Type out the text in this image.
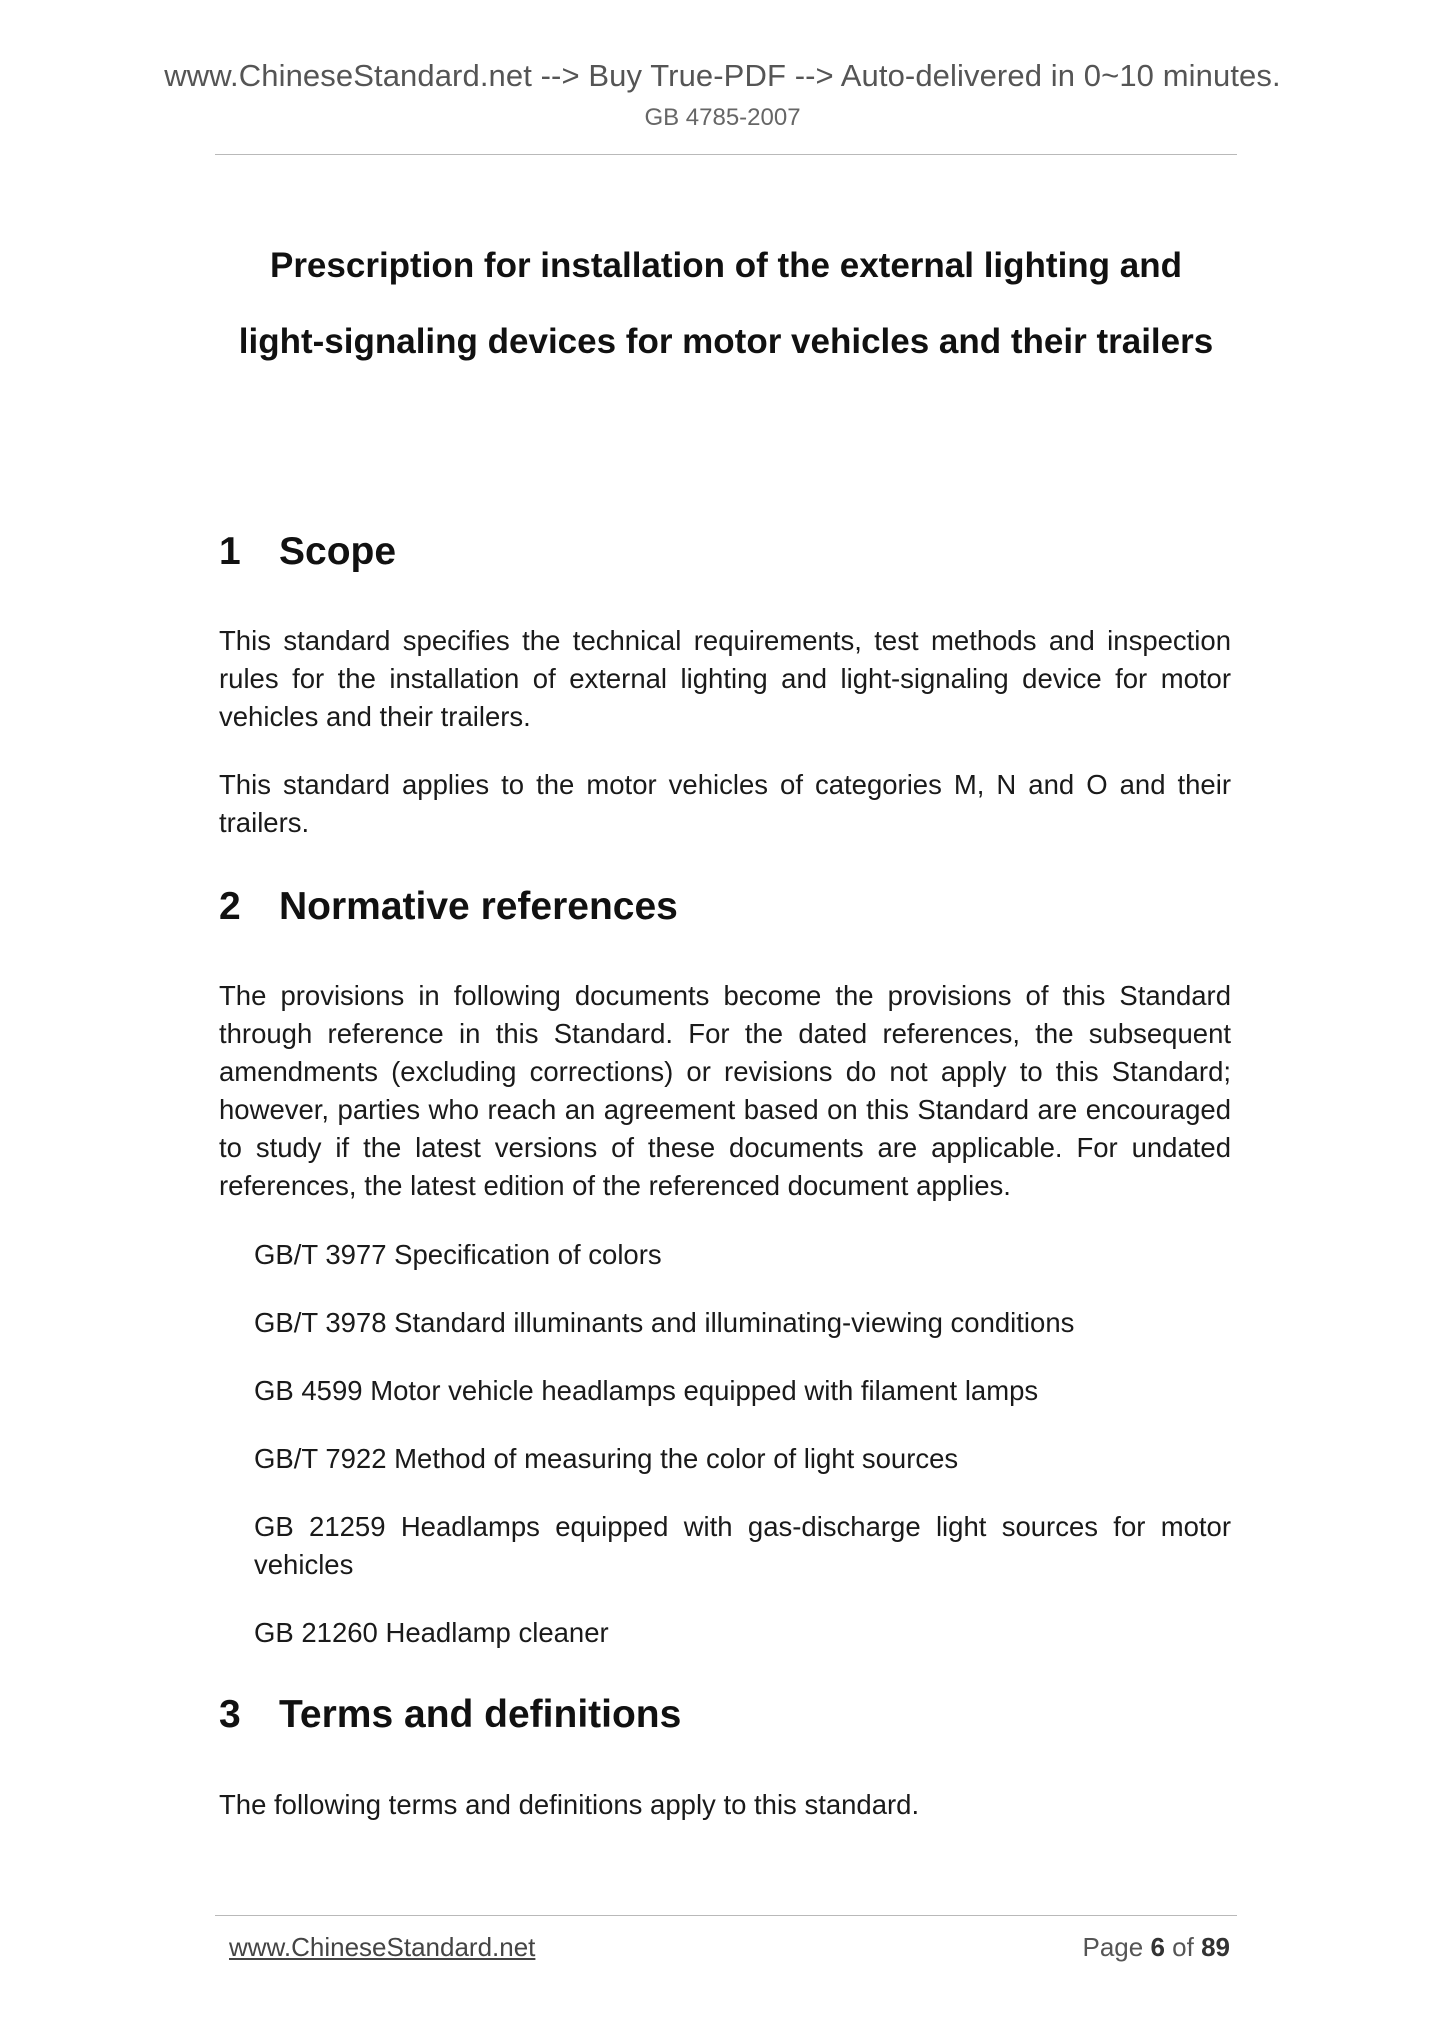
www.ChineseStandard.net --> Buy True-PDF --> Auto-delivered in 0~10 minutes.
GB 4785-2007
Prescription for installation of the external lighting and
light-signaling devices for motor vehicles and their trailers
1 Scope

This standard specifies the technical requirements, test methods and inspection rules for the installation of external lighting and light-signaling device for motor vehicles and their trailers.

This standard applies to the motor vehicles of categories M, N and O and their trailers.

2 Normative references

The provisions in following documents become the provisions of this Standard through reference in this Standard. For the dated references, the subsequent amendments (excluding corrections) or revisions do not apply to this Standard; however, parties who reach an agreement based on this Standard are encouraged to study if the latest versions of these documents are applicable. For undated references, the latest edition of the referenced document applies.

GB/T 3977 Specification of colors
GB/T 3978 Standard illuminants and illuminating-viewing conditions
GB 4599 Motor vehicle headlamps equipped with filament lamps
GB/T 7922 Method of measuring the color of light sources
GB 21259 Headlamps equipped with gas-discharge light sources for motor vehicles
GB 21260 Headlamp cleaner
3 Terms and definitions

The following terms and definitions apply to this standard.

www.ChineseStandard.net	Page 6 of 89
